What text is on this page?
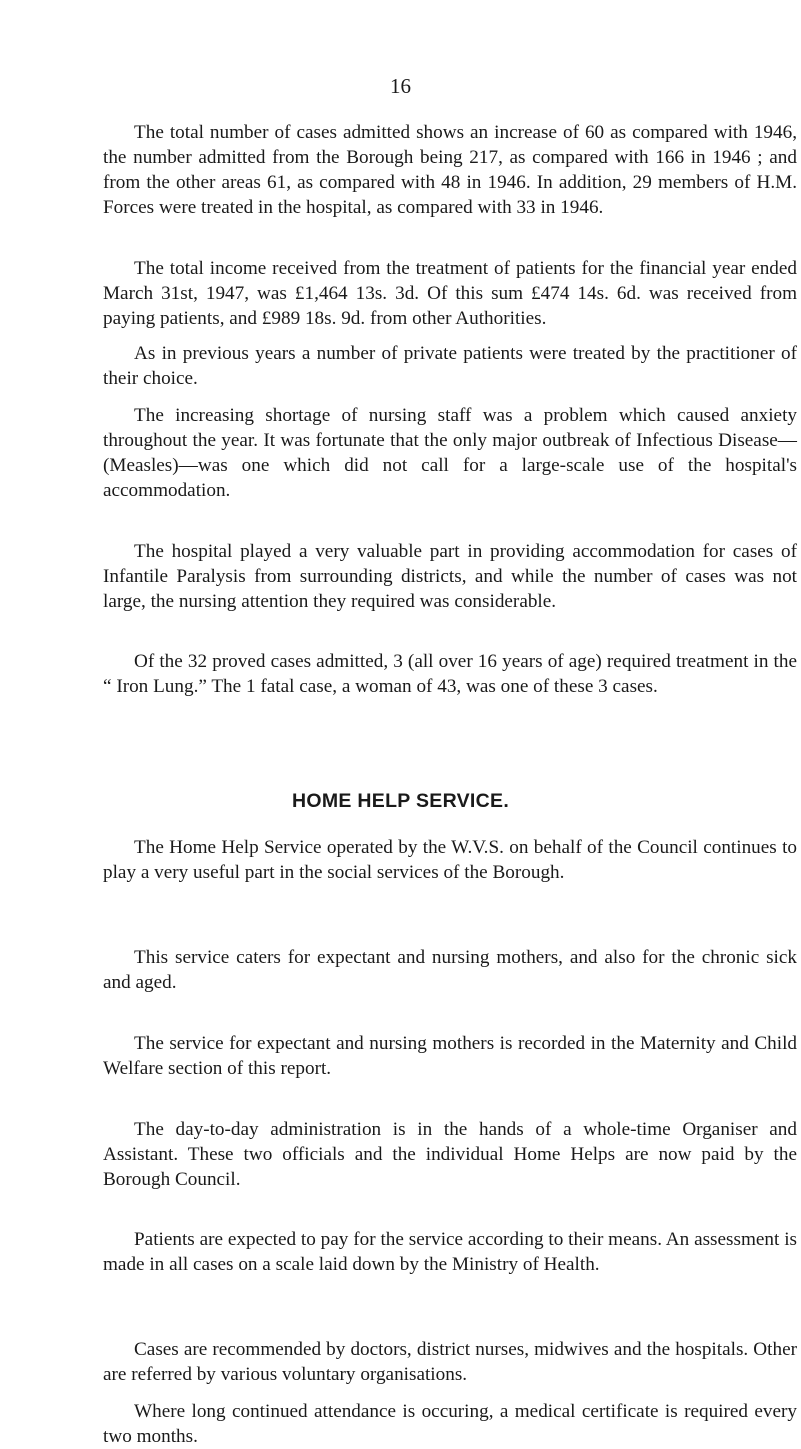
16

The total number of cases admitted shows an increase of 60 as compared with 1946, the number admitted from the Borough being 217, as compared with 166 in 1946 ; and from the other areas 61, as compared with 48 in 1946. In addition, 29 members of H.M. Forces were treated in the hospital, as compared with 33 in 1946.

The total income received from the treatment of patients for the financial year ended March 31st, 1947, was £1,464 13s. 3d. Of this sum £474 14s. 6d. was received from paying patients, and £989 18s. 9d. from other Authorities.

As in previous years a number of private patients were treated by the practitioner of their choice.

The increasing shortage of nursing staff was a problem which caused anxiety throughout the year. It was fortunate that the only major outbreak of Infectious Disease—(Measles)—was one which did not call for a large-scale use of the hospital's accommodation.

The hospital played a very valuable part in providing accommodation for cases of Infantile Paralysis from surrounding districts, and while the number of cases was not large, the nursing attention they required was considerable.

Of the 32 proved cases admitted, 3 (all over 16 years of age) required treatment in the “ Iron Lung.” The 1 fatal case, a woman of 43, was one of these 3 cases.

HOME HELP SERVICE.

The Home Help Service operated by the W.V.S. on behalf of the Council continues to play a very useful part in the social services of the Borough.

This service caters for expectant and nursing mothers, and also for the chronic sick and aged.

The service for expectant and nursing mothers is recorded in the Maternity and Child Welfare section of this report.

The day-to-day administration is in the hands of a whole-time Organiser and Assistant. These two officials and the individual Home Helps are now paid by the Borough Council.

Patients are expected to pay for the service according to their means. An assessment is made in all cases on a scale laid down by the Ministry of Health.

Cases are recommended by doctors, district nurses, midwives and the hospitals. Other are referred by various voluntary organisations.

Where long continued attendance is occuring, a medical certificate is required every two months.
